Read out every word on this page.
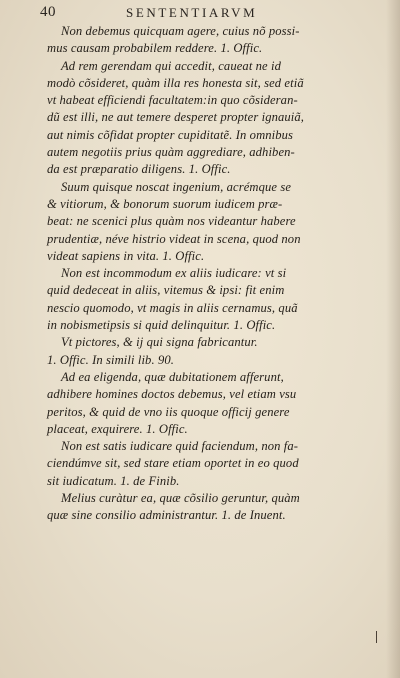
40	SENTENTIARVM
Non debemus quicquam agere, cuius nõ possi-
mus causam probabilem reddere. 1. Offic.
Ad rem gerendam qui accedit, caueat ne id
modò cõsideret, quàm illa res honesta sit, sed etiã
vt habeat efficiendi facultatem:in quo cõsideran-
dũ est illi, ne aut temere desperet propter ignauiã,
aut nimis cõfidat propter cupiditatẽ. In omnibus
autem negotiis prius quàm aggrediare, adhiben-
da est præparatio diligens. 1. Offic.
Suum quisque noscat ingenium, acrémque se
& vitiorum, & bonorum suorum iudicem præ-
beat: ne scenici plus quàm nos videantur habere
prudentiæ, néve histrio videat in scena, quod non
videat sapiens in vita. 1. Offic.
Non est incommodum ex aliis iudicare: vt si
quid dedeceat in aliis, vitemus & ipsi: fit enim
nescio quomodo, vt magis in aliis cernamus, quã
in nobismetipsis si quid delinquitur. 1. Offic.
Vt pictores, & ij qui signa fabricantur.
1. Offic. In simili lib. 90.
Ad ea eligenda, quæ dubitationem afferunt,
adhibere homines doctos debemus, vel etiam vsu
peritos, & quid de vno iis quoque officij genere
placeat, exquirere. 1. Offic.
Non est satis iudicare quid faciendum, non fa-
ciendúmve sit, sed stare etiam oportet in eo quod
sit iudicatum. 1. de Finib.
Melius curàtur ea, quæ cõsilio geruntur, quàm
quæ sine consilio administrantur. 1. de Inuent.
